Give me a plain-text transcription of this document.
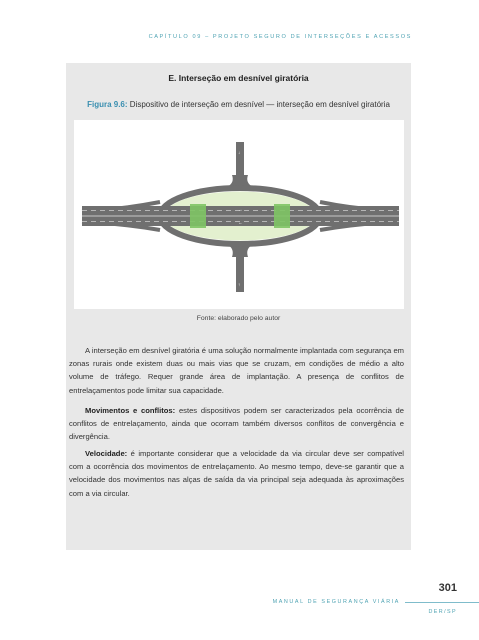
CAPÍTULO 09 – PROJETO SEGURO DE INTERSEÇÕES E ACESSOS
E. Interseção em desnível giratória
Figura 9.6: Dispositivo de interseção em desnível — interseção em desnível giratória
→
←
↓
↑
Fonte: elaborado pelo autor

A interseção em desnível giratória é uma solução normalmente implantada com segurança em zonas rurais onde existem duas ou mais vias que se cruzam, em condições de médio a alto volume de tráfego. Requer grande área de implantação. A presença de conflitos de entrelaçamentos pode limitar sua capacidade.

Movimentos e conflitos: estes dispositivos podem ser caracterizados pela ocorrência de conflitos de entrelaçamento, ainda que ocorram também diversos conflitos de convergência e divergência.

Velocidade: é importante considerar que a velocidade da via circular deve ser compatível com a ocorrência dos movimentos de entrelaçamento. Ao mesmo tempo, deve-se garantir que a velocidade dos movimentos nas alças de saída da via principal seja adequada às aproximações com a via circular.

301
MANUAL DE SEGURANÇA VIÁRIA
DER/SP
